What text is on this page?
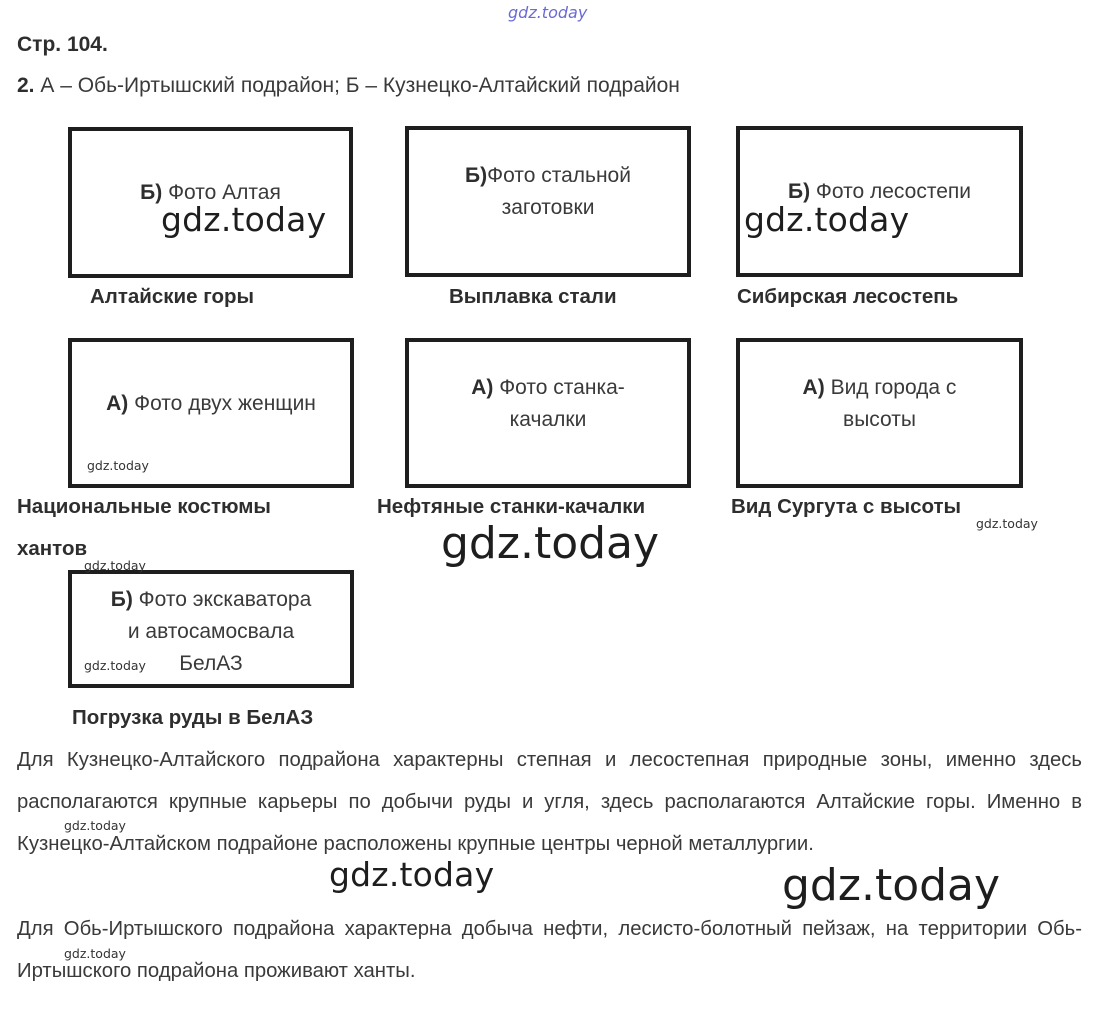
gdz.today
Стр. 104.
2. А – Обь-Иртышский подрайон; Б – Кузнецко-Алтайский подрайон
Б) Фото Алтая
Алтайские горы
Б)Фото стальной
заготовки
Выплавка стали
Б) Фото лесостепи
Сибирская лесостепь
А) Фото двух женщин
Национальные костюмы
хантов
А) Фото станка-
качалки
Нефтяные станки-качалки
А) Вид города с
высоты
Вид Сургута с высоты
Б) Фото экскаватора
и автосамосвала
БелАЗ
Погрузка руды в БелАЗ
Для Кузнецко-Алтайского подрайона характерны степная и лесостепная природные зоны, именно здесь располагаются крупные карьеры по добычи руды и угля, здесь располагаются Алтайские горы. Именно в Кузнецко-Алтайском подрайоне расположены крупные центры черной металлургии.
Для Обь-Иртышского подрайона характерна добыча нефти, лесисто-болотный пейзаж, на территории Обь-Иртышского подрайона проживают ханты.
gdz.today	gdz.today
gdz.today
gdz.today
gdz.today
gdz.today
gdz.today
gdz.today
gdz.today	gdz.today
gdz.today
